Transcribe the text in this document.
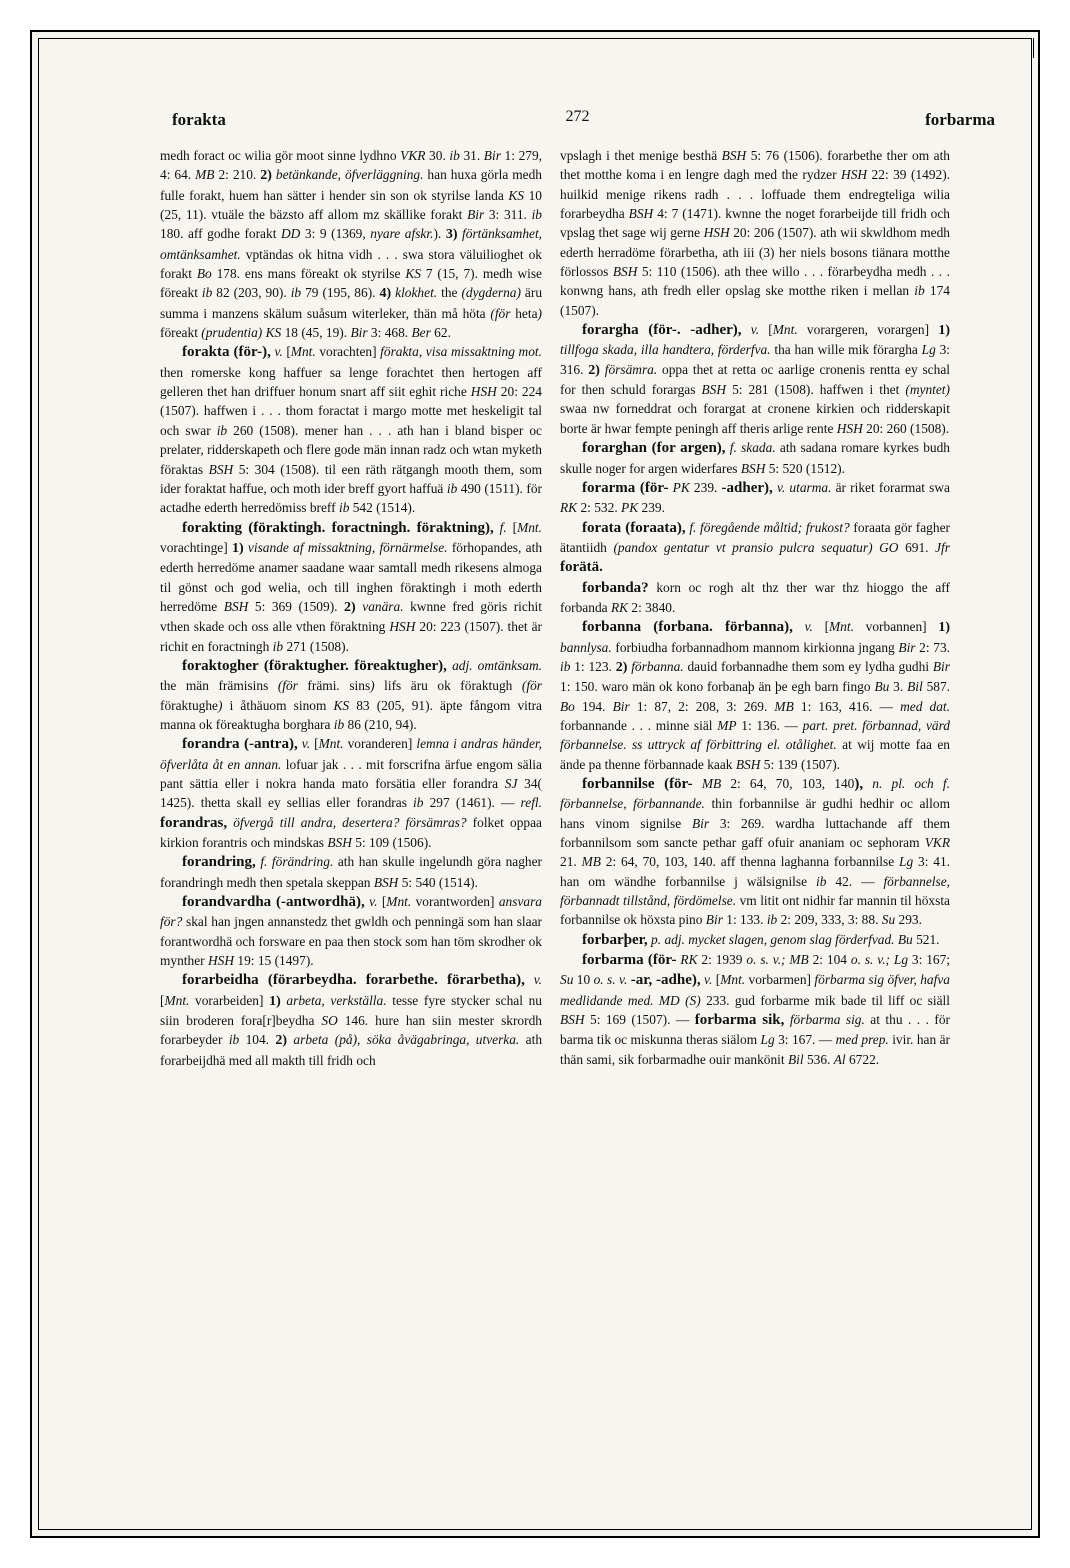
forakta	272	forbarma

medh foract oc wilia gör moot sinne lydhno VKR 30. ib 31. Bir 1: 279, 4: 64. MB 2: 210. 2) betänkande, öfverläggning. han huxa görla medh fulle forakt, huem han sätter i hender sin son ok styrilse landa KS 10 (25, 11). vtuäle the bäzsto aff allom mz skällike forakt Bir 3: 311. ib 180. aff godhe forakt DD 3: 9 (1369, nyare afskr.). 3) förtänksamhet, omtänksamhet. vptändas ok hitna vidh . . . swa stora väluilioghet ok forakt Bo 178. ens mans föreakt ok styrilse KS 7 (15, 7). medh wise föreakt ib 82 (203, 90). ib 79 (195, 86). 4) klokhet. the (dygderna) äru summa i manzens skälum suåsum witerleker, thän må höta (för heta) föreakt (prudentia) KS 18 (45, 19). Bir 3: 468. Ber 62.

forakta (för-), v. [Mnt. vorachten] förakta, visa missaktning mot. then romerske kong haffuer sa lenge forachtet then hertogen aff gelleren thet han driffuer honum snart aff siit eghit riche HSH 20: 224 (1507). haffwen i . . . thom foractat i margo motte met heskeligit tal och swar ib 260 (1508). mener han . . . ath han i bland bisper oc prelater, ridderskapeth och flere gode män innan radz och wtan myketh föraktas BSH 5: 304 (1508). til een räth rätgangh mooth them, som ider foraktat haffue, och moth ider breff gyort haffuä ib 490 (1511). för actadhe ederth herredömiss breff ib 542 (1514).

forakting (föraktingh. foractningh. föraktning), f. [Mnt. vorachtinge] 1) visande af missaktning, förnärmelse. förhopandes, ath ederth herredöme anamer saadane waar samtall medh rikesens almoga til gönst och god welia, och till inghen föraktingh i moth ederth herredöme BSH 5: 369 (1509). 2) vanära. kwnne fred göris richit vthen skade och oss alle vthen föraktning HSH 20: 223 (1507). thet är richit en foractningh ib 271 (1508).

foraktogher (föraktugher. föreaktugher), adj. omtänksam. the män främisins (för främi. sins) lifs äru ok föraktugh (för föraktughe) i åthäuom sinom KS 83 (205, 91). äpte fångom vitra manna ok föreaktugha borghara ib 86 (210, 94).

forandra (-antra), v. [Mnt. voranderen] lemna i andras händer, öfverlåta åt en annan. lofuar jak . . . mit forscrifna ärfue engom sälia pant sättia eller i nokra handa mato forsätia eller forandra SJ 34( 1425). thetta skall ey sellias eller forandras ib 297 (1461). — refl. forandras, öfvergå till andra, desertera? försämras? folket oppaa kirkion forantris och mindskas BSH 5: 109 (1506).

forandring, f. förändring. ath han skulle ingelundh göra nagher forandringh medh then spetala skeppan BSH 5: 540 (1514).

forandvardha (-antwordhä), v. [Mnt. vorantworden] ansvara för? skal han jngen annanstedz thet gwldh och penningä som han slaar forantwordhä och forsware en paa then stock som han töm skrodher ok mynther HSH 19: 15 (1497).

forarbeidha (förarbeydha. forarbethe. förarbetha), v. [Mnt. vorarbeiden] 1) arbeta, verkställa. tesse fyre stycker schal nu siin broderen fora[r]beydha SO 146. hure han siin mester skrordh forarbeyder ib 104. 2) arbeta (på), söka åvägabringa, utverka. ath forarbeijdhä med all makth till fridh och

vpslagh i thet menige besthä BSH 5: 76 (1506). forarbethe ther om ath thet motthe koma i en lengre dagh med the rydzer HSH 22: 39 (1492). huilkid menige rikens radh . . . loffuade them endregteliga wilia forarbeydha BSH 4: 7 (1471). kwnne the noget forarbeijde till fridh och vpslag thet sage wij gerne HSH 20: 206 (1507). ath wii skwldhom medh ederth herradöme förarbetha, ath iii (3) her niels bosons tiänara motthe förlossos BSH 5: 110 (1506). ath thee willo . . . förarbeydha medh . . . konwng hans, ath fredh eller opslag ske motthe riken i mellan ib 174 (1507).

forargha (för-. -adher), v. [Mnt. vorargeren, vorargen] 1) tillfoga skada, illa handtera, förderfva. tha han wille mik förargha Lg 3: 316. 2) försämra. oppa thet at retta oc aarlige cronenis rentta ey schal for then schuld forargas BSH 5: 281 (1508). haffwen i thet (myntet) swaa nw forneddrat och forargat at cronene kirkien och ridderskapit borte är hwar fempte peningh aff theris arlige rente HSH 20: 260 (1508).

forarghan (for argen), f. skada. ath sadana romare kyrkes budh skulle noger for argen widerfares BSH 5: 520 (1512).

forarma (för- PK 239. -adher), v. utarma. är riket forarmat swa RK 2: 532. PK 239.

forata (foraata), f. föregående måltid; frukost? foraata gör fagher ätantiidh (pandox gentatur vt pransio pulcra sequatur) GO 691. Jfr forätä.

forbanda? korn oc rogh alt thz ther war thz hioggo the aff forbanda RK 2: 3840.

forbanna (forbana. förbanna), v. [Mnt. vorbannen] 1) bannlysa. forbiudha forbannadhom mannom kirkionna jngang Bir 2: 73. ib 1: 123. 2) förbanna. dauid forbannadhe them som ey lydha gudhi Bir 1: 150. waro män ok kono forbanaþ än þe egh barn fingo Bu 3. Bil 587. Bo 194. Bir 1: 87, 2: 208, 3: 269. MB 1: 163, 416. — med dat. forbannande . . . minne siäl MP 1: 136. — part. pret. förbannad, värd förbannelse. ss uttryck af förbittring el. otålighet. at wij motte faa en ände pa thenne förbannade kaak BSH 5: 139 (1507).

forbannilse (för- MB 2: 64, 70, 103, 140), n. pl. och f. förbannelse, förbannande. thin forbannilse är gudhi hedhir oc allom hans vinom signilse Bir 3: 269. wardha luttachande aff them forbannilsom som sancte pethar gaff ofuir ananiam oc sephoram VKR 21. MB 2: 64, 70, 103, 140. aff thenna laghanna forbannilse Lg 3: 41. han om wändhe forbannilse j wälsignilse ib 42. — förbannelse, förbannadt tillstånd, fördömelse. vm litit ont nidhir far mannin til höxsta forbannilse ok höxsta pino Bir 1: 133. ib 2: 209, 333, 3: 88. Su 293.

forbarþer, p. adj. mycket slagen, genom slag förderfvad. Bu 521.

forbarma (för- RK 2: 1939 o. s. v.; MB 2: 104 o. s. v.; Lg 3: 167; Su 10 o. s. v. -ar, -adhe), v. [Mnt. vorbarmen] förbarma sig öfver, hafva medlidande med. MD (S) 233. gud forbarme mik bade til liff oc siäll BSH 5: 169 (1507). — forbarma sik, förbarma sig. at thu . . . för barma tik oc miskunna theras siälom Lg 3: 167. — med prep. ivir. han är thän sami, sik forbarmadhe ouir mankönit Bil 536. Al 6722.
